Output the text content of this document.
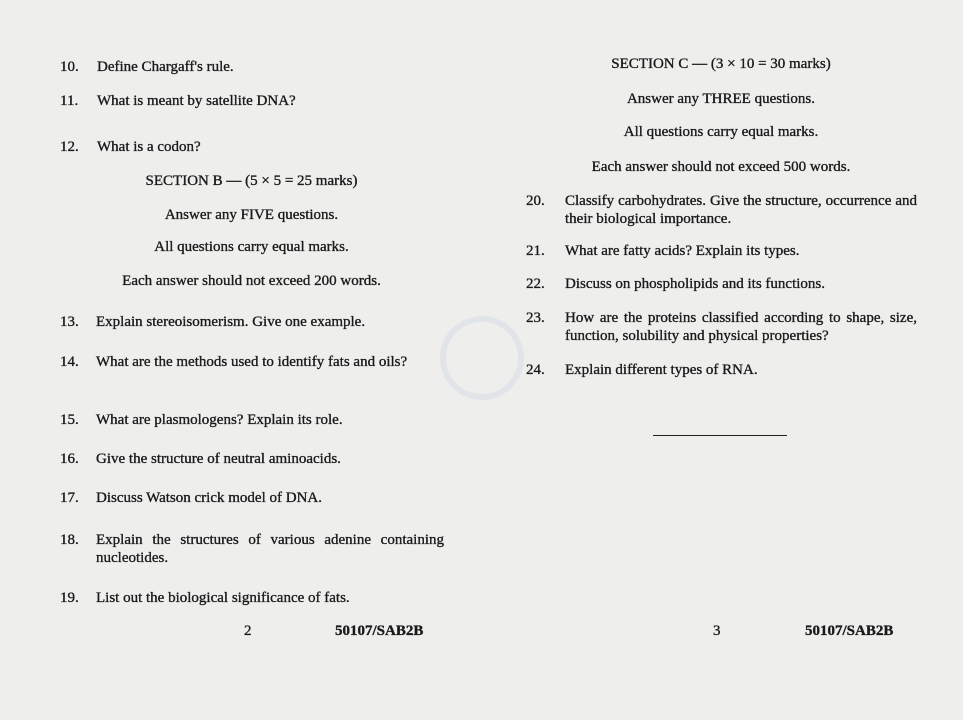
10. Define Chargaff's rule.
11. What is meant by satellite DNA?
12. What is a codon?
SECTION B — (5 × 5 = 25 marks)
Answer any FIVE questions.
All questions carry equal marks.
Each answer should not exceed 200 words.
13. Explain stereoisomerism. Give one example.
14. What are the methods used to identify fats and oils?
15. What are plasmologens? Explain its role.
16. Give the structure of neutral aminoacids.
17. Discuss Watson crick model of DNA.
18. Explain the structures of various adenine containing nucleotides.
19. List out the biological significance of fats.
2	50107/SAB2B
SECTION C — (3 × 10 = 30 marks)
Answer any THREE questions.
All questions carry equal marks.
Each answer should not exceed 500 words.
20. Classify carbohydrates. Give the structure, occurrence and their biological importance.
21. What are fatty acids? Explain its types.
22. Discuss on phospholipids and its functions.
23. How are the proteins classified according to shape, size, function, solubility and physical properties?
24. Explain different types of RNA.
3	50107/SAB2B
